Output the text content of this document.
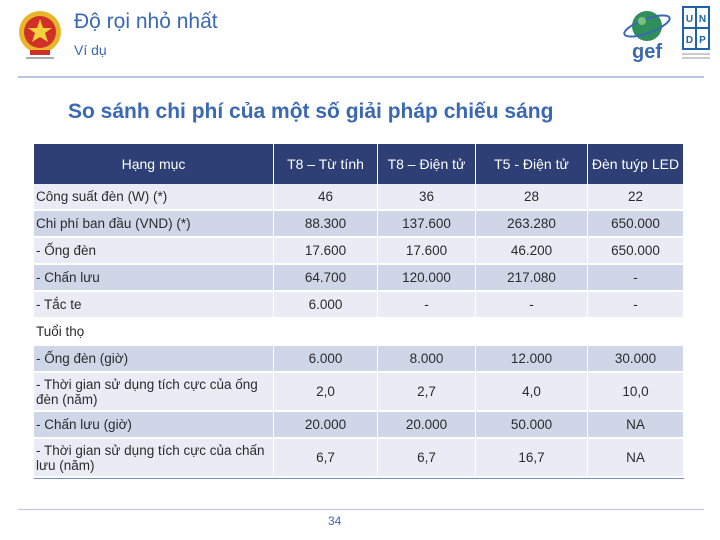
Độ rọi nhỏ nhất
Ví dụ	gef
U N
D P
So sánh chi phí của một số giải pháp chiếu sáng
Hạng mục	T8 – Từ tính	T8 – Điện tử	T5 - Điện tử	Đèn tuýp LED
Công suất đèn (W) (*)	46	36	28	22
Chi phí ban đầu (VND) (*)	88.300	137.600	263.280	650.000
- Ống đèn	17.600	17.600	46.200	650.000
- Chấn lưu	64.700	120.000	217.080	-
- Tắc te	6.000	-	-	-
Tuổi thọ				
- Ống đèn (giờ)	6.000	8.000	12.000	30.000
- Thời gian sử dụng tích cực của ống đèn (năm)	2,0	2,7	4,0	10,0
- Chấn lưu (giờ)	20.000	20.000	50.000	NA
- Thời gian sử dụng tích cực của chấn lưu (năm)	6,7	6,7	16,7	NA
34
